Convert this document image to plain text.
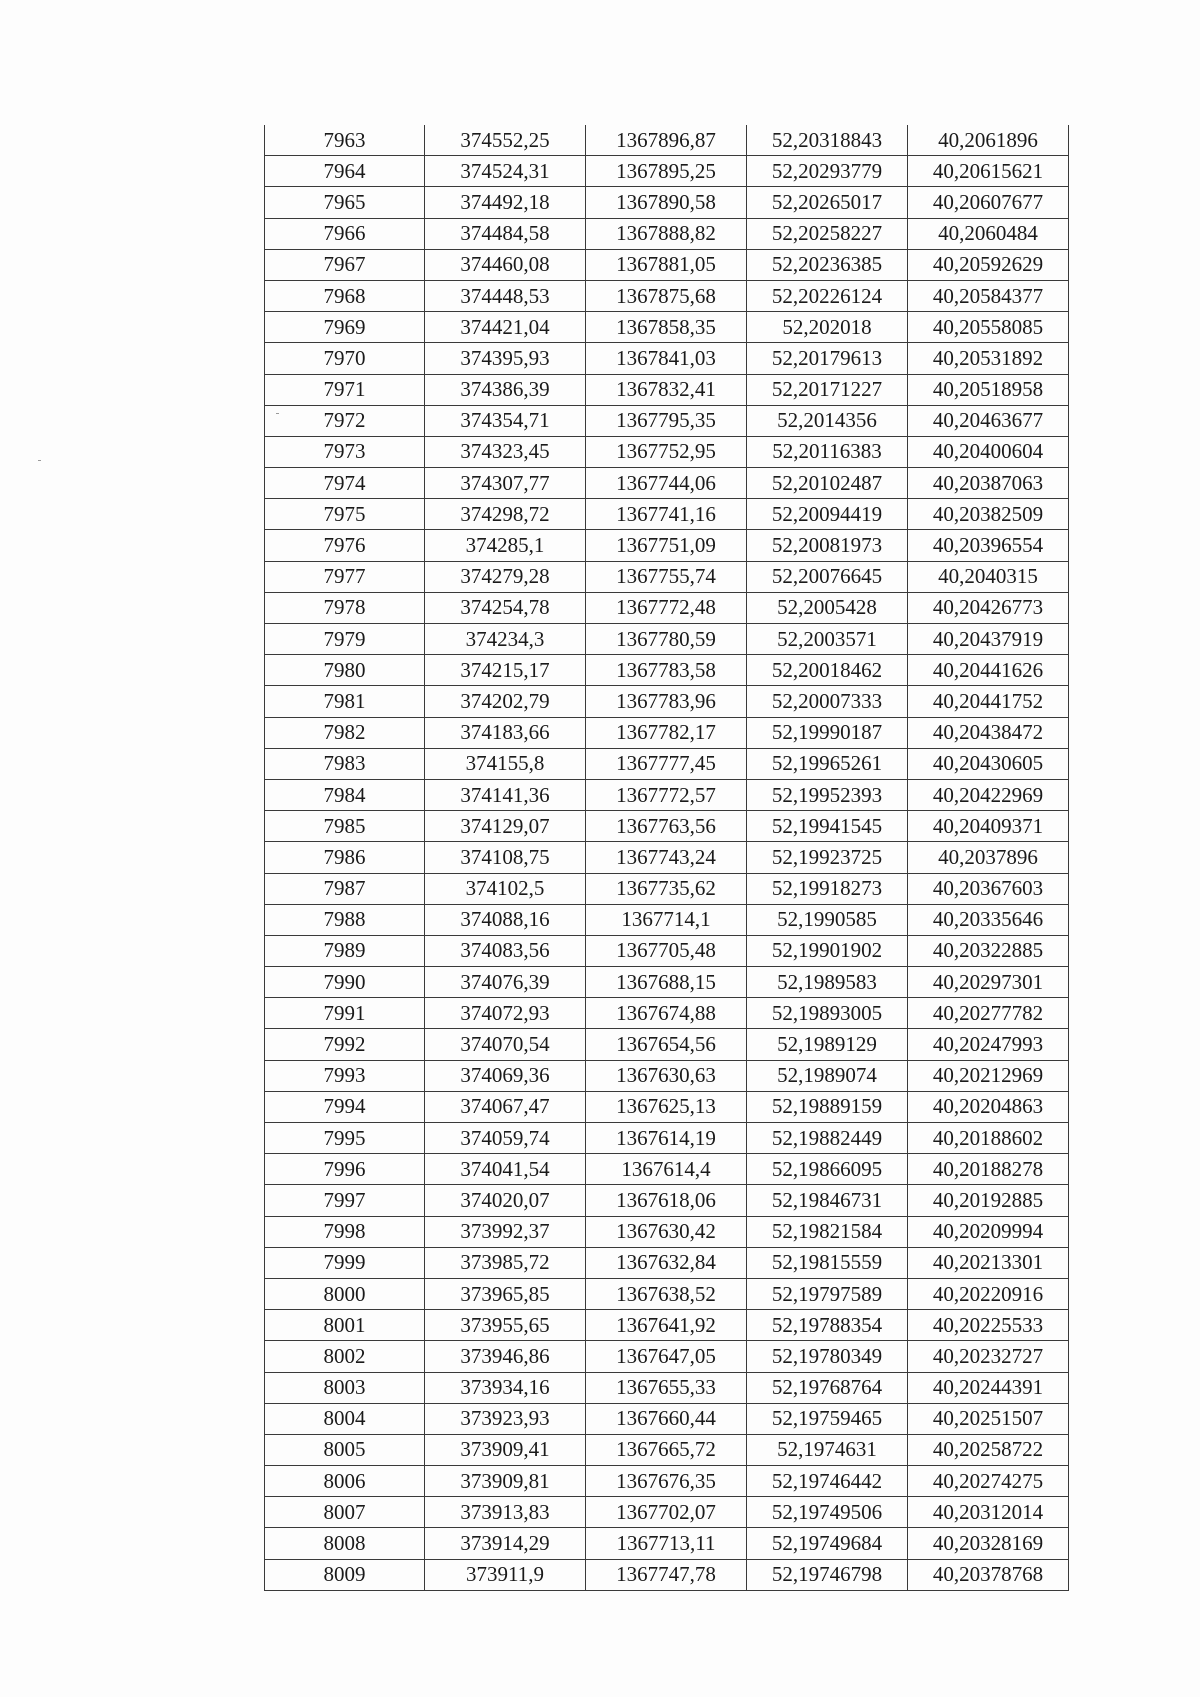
7963	374552,25	1367896,87	52,20318843	40,2061896
7964	374524,31	1367895,25	52,20293779	40,20615621
7965	374492,18	1367890,58	52,20265017	40,20607677
7966	374484,58	1367888,82	52,20258227	40,2060484
7967	374460,08	1367881,05	52,20236385	40,20592629
7968	374448,53	1367875,68	52,20226124	40,20584377
7969	374421,04	1367858,35	52,202018	40,20558085
7970	374395,93	1367841,03	52,20179613	40,20531892
7971	374386,39	1367832,41	52,20171227	40,20518958
7972	374354,71	1367795,35	52,2014356	40,20463677
7973	374323,45	1367752,95	52,20116383	40,20400604
7974	374307,77	1367744,06	52,20102487	40,20387063
7975	374298,72	1367741,16	52,20094419	40,20382509
7976	374285,1	1367751,09	52,20081973	40,20396554
7977	374279,28	1367755,74	52,20076645	40,2040315
7978	374254,78	1367772,48	52,2005428	40,20426773
7979	374234,3	1367780,59	52,2003571	40,20437919
7980	374215,17	1367783,58	52,20018462	40,20441626
7981	374202,79	1367783,96	52,20007333	40,20441752
7982	374183,66	1367782,17	52,19990187	40,20438472
7983	374155,8	1367777,45	52,19965261	40,20430605
7984	374141,36	1367772,57	52,19952393	40,20422969
7985	374129,07	1367763,56	52,19941545	40,20409371
7986	374108,75	1367743,24	52,19923725	40,2037896
7987	374102,5	1367735,62	52,19918273	40,20367603
7988	374088,16	1367714,1	52,1990585	40,20335646
7989	374083,56	1367705,48	52,19901902	40,20322885
7990	374076,39	1367688,15	52,1989583	40,20297301
7991	374072,93	1367674,88	52,19893005	40,20277782
7992	374070,54	1367654,56	52,1989129	40,20247993
7993	374069,36	1367630,63	52,1989074	40,20212969
7994	374067,47	1367625,13	52,19889159	40,20204863
7995	374059,74	1367614,19	52,19882449	40,20188602
7996	374041,54	1367614,4	52,19866095	40,20188278
7997	374020,07	1367618,06	52,19846731	40,20192885
7998	373992,37	1367630,42	52,19821584	40,20209994
7999	373985,72	1367632,84	52,19815559	40,20213301
8000	373965,85	1367638,52	52,19797589	40,20220916
8001	373955,65	1367641,92	52,19788354	40,20225533
8002	373946,86	1367647,05	52,19780349	40,20232727
8003	373934,16	1367655,33	52,19768764	40,20244391
8004	373923,93	1367660,44	52,19759465	40,20251507
8005	373909,41	1367665,72	52,1974631	40,20258722
8006	373909,81	1367676,35	52,19746442	40,20274275
8007	373913,83	1367702,07	52,19749506	40,20312014
8008	373914,29	1367713,11	52,19749684	40,20328169
8009	373911,9	1367747,78	52,19746798	40,20378768
